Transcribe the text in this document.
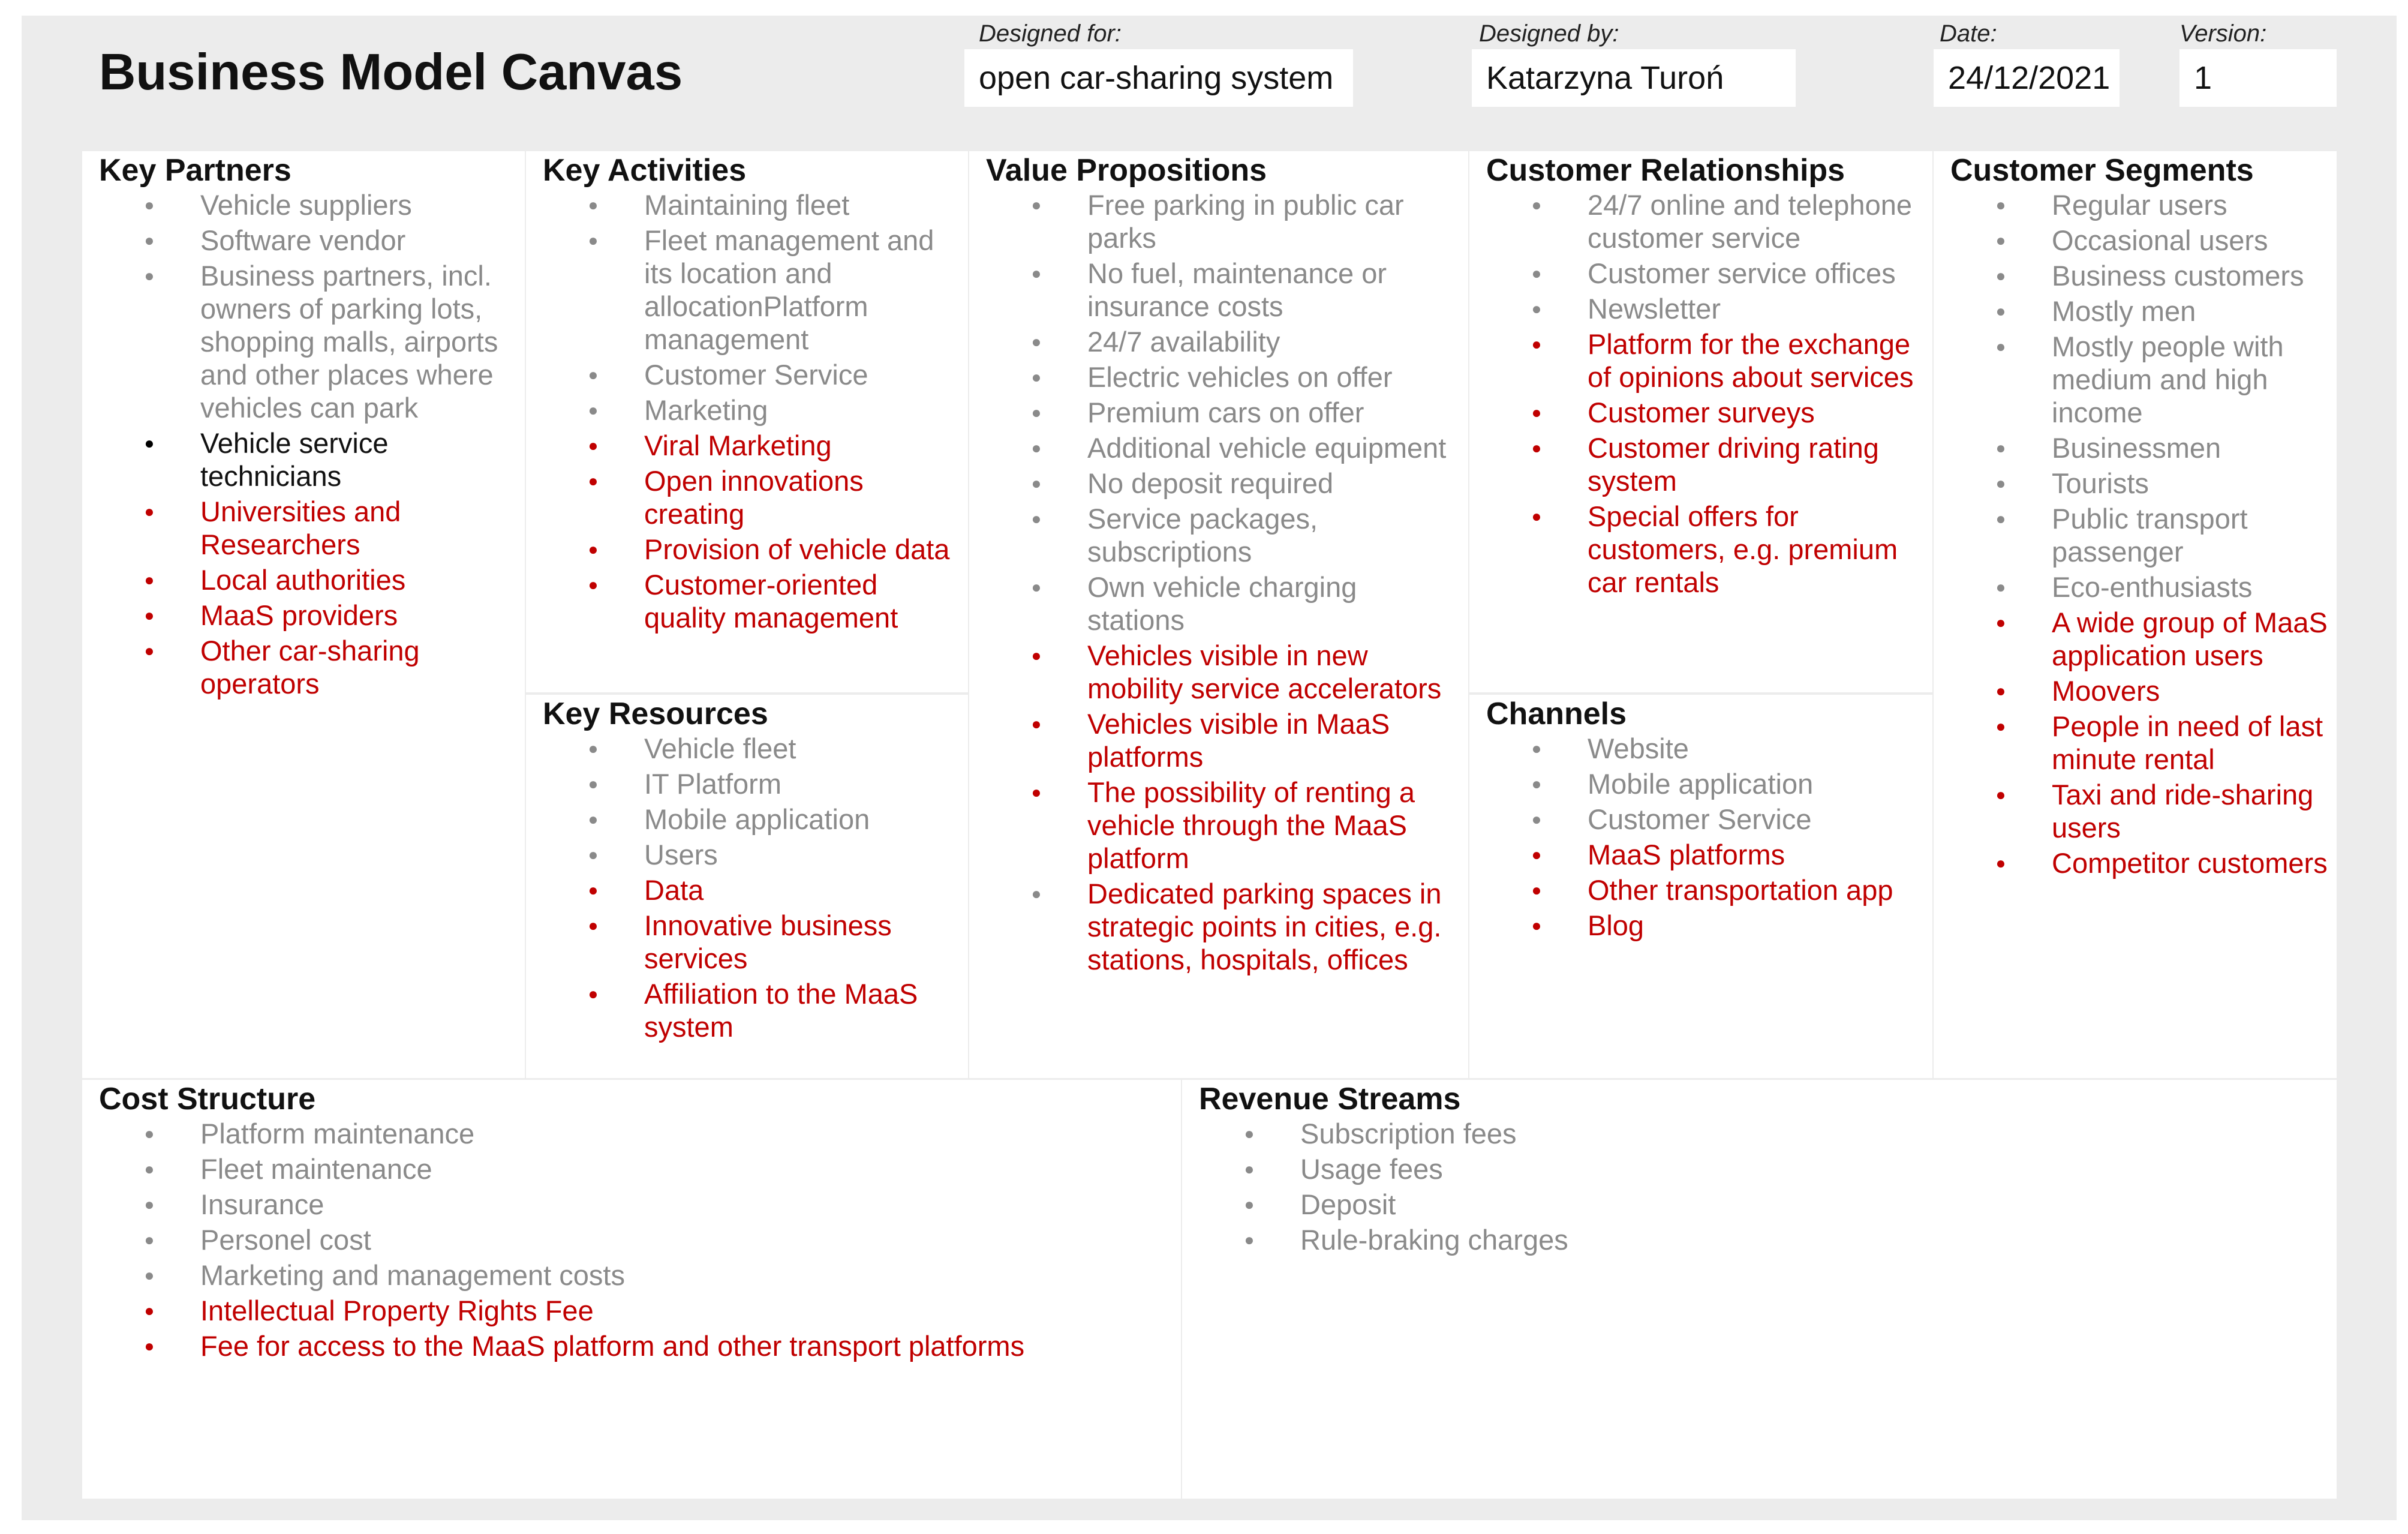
Business Model Canvas
Designed for:
open car-sharing system
Designed by:
Katarzyna Turoń
Date:
24/12/2021
Version:
1
Key Partners
●	Vehicle suppliers
●	Software vendor
●	Business partners, incl. owners of parking lots, shopping malls, airports and other places where vehicles can park
●	Vehicle service technicians
●	Universities and Researchers
●	Local authorities
●	MaaS providers
●	Other car-sharing operators
Key Activities
●	Maintaining fleet
●	Fleet management and its location and allocationPlatform management
●	Customer Service
●	Marketing
●	Viral Marketing
●	Open innovations creating
●	Provision of vehicle data
●	Customer-oriented quality management
Key Resources
●	Vehicle fleet
●	IT Platform
●	Mobile application
●	Users
●	Data
●	Innovative business services
●	Affiliation to the MaaS system
Value Propositions
●	Free parking in public car parks
●	No fuel, maintenance or insurance costs
●	24/7 availability
●	Electric vehicles on offer
●	Premium cars on offer
●	Additional vehicle equipment
●	No deposit required
●	Service packages, subscriptions
●	Own vehicle charging stations
●	Vehicles visible in new mobility service accelerators
●	Vehicles visible in MaaS platforms
●	The possibility of renting a vehicle through the MaaS platform
●	Dedicated parking spaces in strategic points in cities, e.g. stations, hospitals, offices
Customer Relationships
●	24/7 online and telephone customer service
●	Customer service offices
●	Newsletter
●	Platform for the exchange of opinions about services
●	Customer surveys
●	Customer driving rating system
●	Special offers for customers, e.g. premium car rentals
Channels
●	Website
●	Mobile application
●	Customer Service
●	MaaS platforms
●	Other transportation app
●	Blog
Customer Segments
●	Regular users
●	Occasional users
●	Business customers
●	Mostly men
●	Mostly people with medium and high income
●	Businessmen
●	Tourists
●	Public transport passenger
●	Eco-enthusiasts
●	A wide group of MaaS application users
●	Moovers
●	People in need of last minute rental
●	Taxi and ride-sharing users
●	Competitor customers
Cost Structure
●	Platform maintenance
●	Fleet maintenance
●	Insurance
●	Personel cost
●	Marketing and management costs
●	Intellectual Property Rights Fee
●	Fee for access to the MaaS platform and other transport platforms
Revenue Streams
●	Subscription fees
●	Usage fees
●	Deposit
●	Rule-braking charges
